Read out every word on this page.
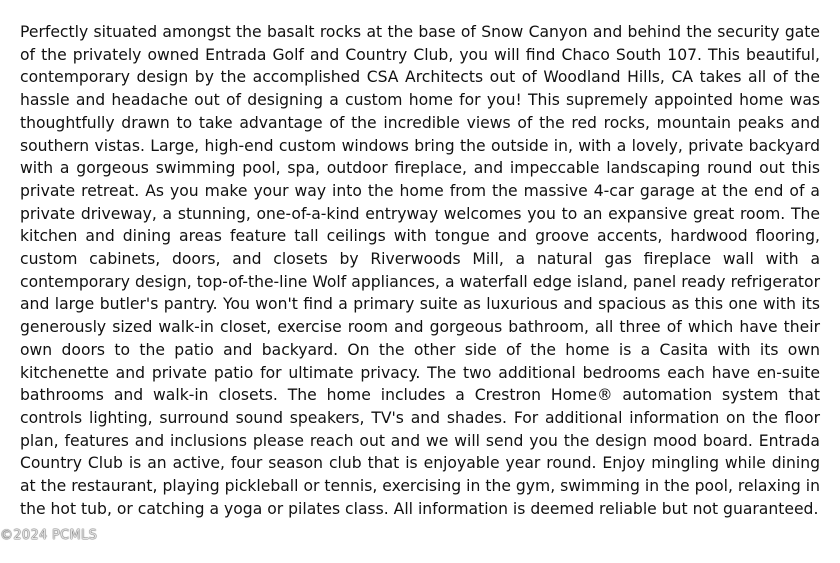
Perfectly situated amongst the basalt rocks at the base of Snow Canyon and behind the security gate of the privately owned Entrada Golf and Country Club, you will find Chaco South 107. This beautiful, contemporary design by the accomplished CSA Architects out of Woodland Hills, CA takes all of the hassle and headache out of designing a custom home for you! This supremely appointed home was thoughtfully drawn to take advantage of the incredible views of the red rocks, mountain peaks and southern vistas. Large, high-end custom windows bring the outside in, with a lovely, private backyard with a gorgeous swimming pool, spa, outdoor fireplace, and impeccable landscaping round out this private retreat. As you make your way into the home from the massive 4-car garage at the end of a private driveway, a stunning, one-of-a-kind entryway welcomes you to an expansive great room. The kitchen and dining areas feature tall ceilings with tongue and groove accents, hardwood flooring, custom cabinets, doors, and closets by Riverwoods Mill, a natural gas fireplace wall with a contemporary design, top-of-the-line Wolf appliances, a waterfall edge island, panel ready refrigerator and large butler's pantry. You won't find a primary suite as luxurious and spacious as this one with its generously sized walk-in closet, exercise room and gorgeous bathroom, all three of which have their own doors to the patio and backyard. On the other side of the home is a Casita with its own kitchenette and private patio for ultimate privacy. The two additional bedrooms each have en-suite bathrooms and walk-in closets. The home includes a Crestron Home® automation system that controls lighting, surround sound speakers, TV's and shades. For additional information on the floor plan, features and inclusions please reach out and we will send you the design mood board. Entrada Country Club is an active, four season club that is enjoyable year round. Enjoy mingling while dining at the restaurant, playing pickleball or tennis, exercising in the gym, swimming in the pool, relaxing in the hot tub, or catching a yoga or pilates class. All information is deemed reliable but not guaranteed.

©2024 PCMLS
